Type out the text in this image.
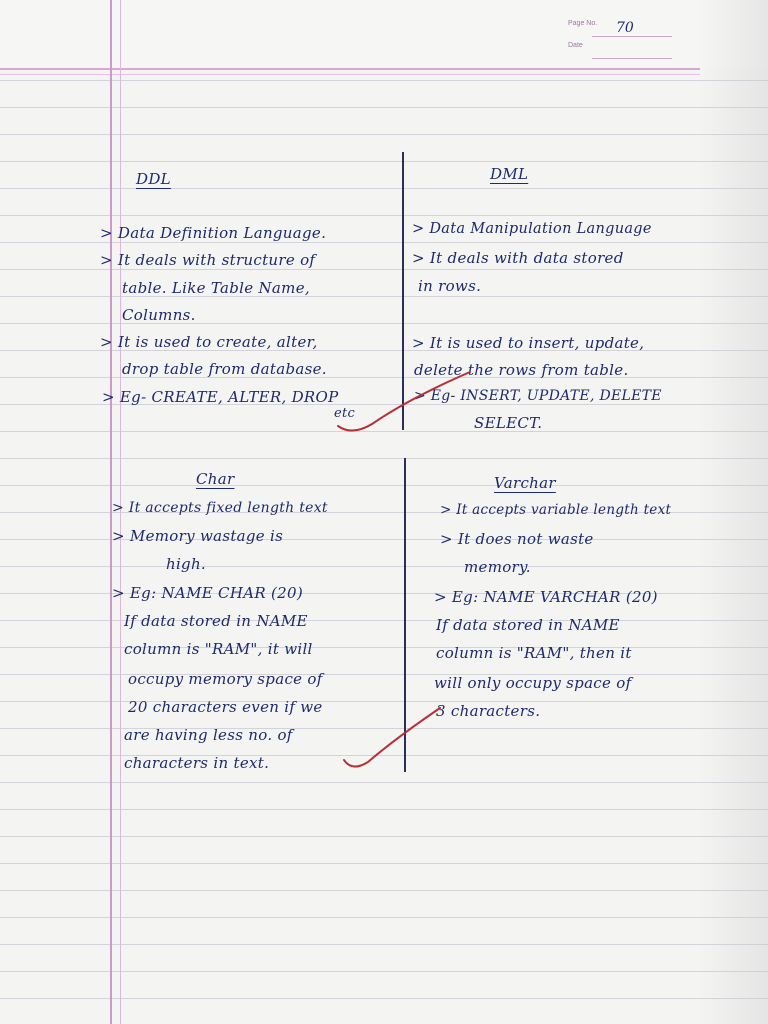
Page No. 70
Date
DDL
> Data Definition Language.
> It deals with structure of
table. Like Table Name,
Columns.
> It is used to create, alter,
drop table from database.
> Eg- CREATE, ALTER, DROP
etc
DML
> Data Manipulation Language
> It deals with data stored
in rows.
> It is used to insert, update,
delete the rows from table.
> Eg- INSERT, UPDATE, DELETE
SELECT.
Char
> It accepts fixed length text
> Memory wastage is
high.
> Eg: NAME CHAR (20)
If data stored in NAME
column is "RAM", it will
occupy memory space of
20 characters even if we
are having less no. of
characters in text.
Varchar
> It accepts variable length text
> It does not waste
memory.
> Eg: NAME VARCHAR (20)
If data stored in NAME
column is "RAM", then it
will only occupy space of
3 characters.
